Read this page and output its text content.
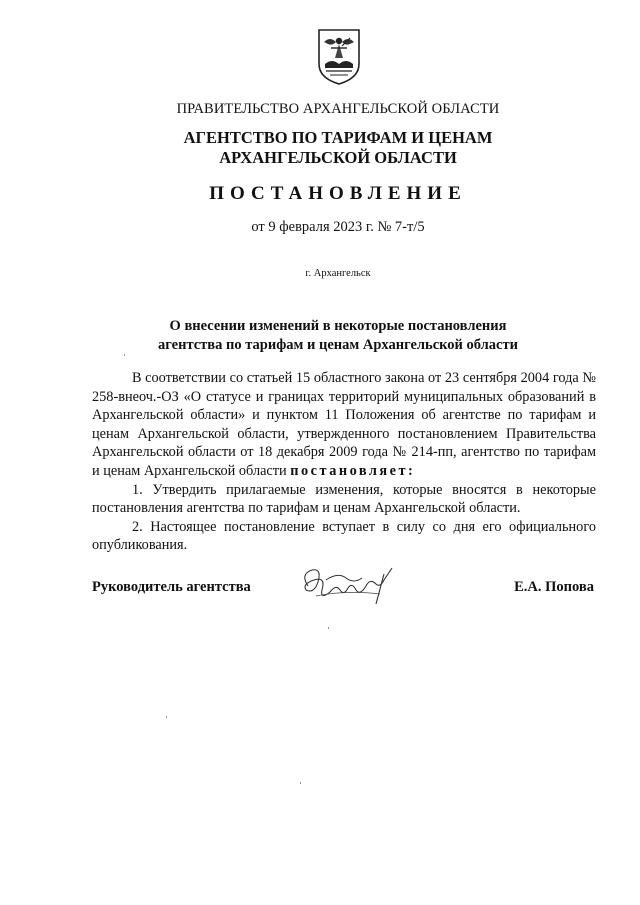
ПРАВИТЕЛЬСТВО АРХАНГЕЛЬСКОЙ ОБЛАСТИ
АГЕНТСТВО ПО ТАРИФАМ И ЦЕНАМ
АРХАНГЕЛЬСКОЙ ОБЛАСТИ
ПОСТАНОВЛЕНИЕ
от 9 февраля 2023 г. № 7-т/5
г. Архангельск
О внесении изменений в некоторые постановления
агентства по тарифам и ценам Архангельской области

В соответствии со статьей 15 областного закона от 23 сентября 2004 года № 258-внеоч.-ОЗ «О статусе и границах территорий муниципальных образований в Архангельской области» и пунктом 11 Положения об агентстве по тарифам и ценам Архангельской области, утвержденного постановлением Правительства Архангельской области от 18 декабря 2009 года № 214-пп, агентство по тарифам и ценам Архангельской области постановляет:

1. Утвердить прилагаемые изменения, которые вносятся в некоторые постановления агентства по тарифам и ценам Архангельской области.

2. Настоящее постановление вступает в силу со дня его официального опубликования.

Руководитель агентства	Е.А. Попова
